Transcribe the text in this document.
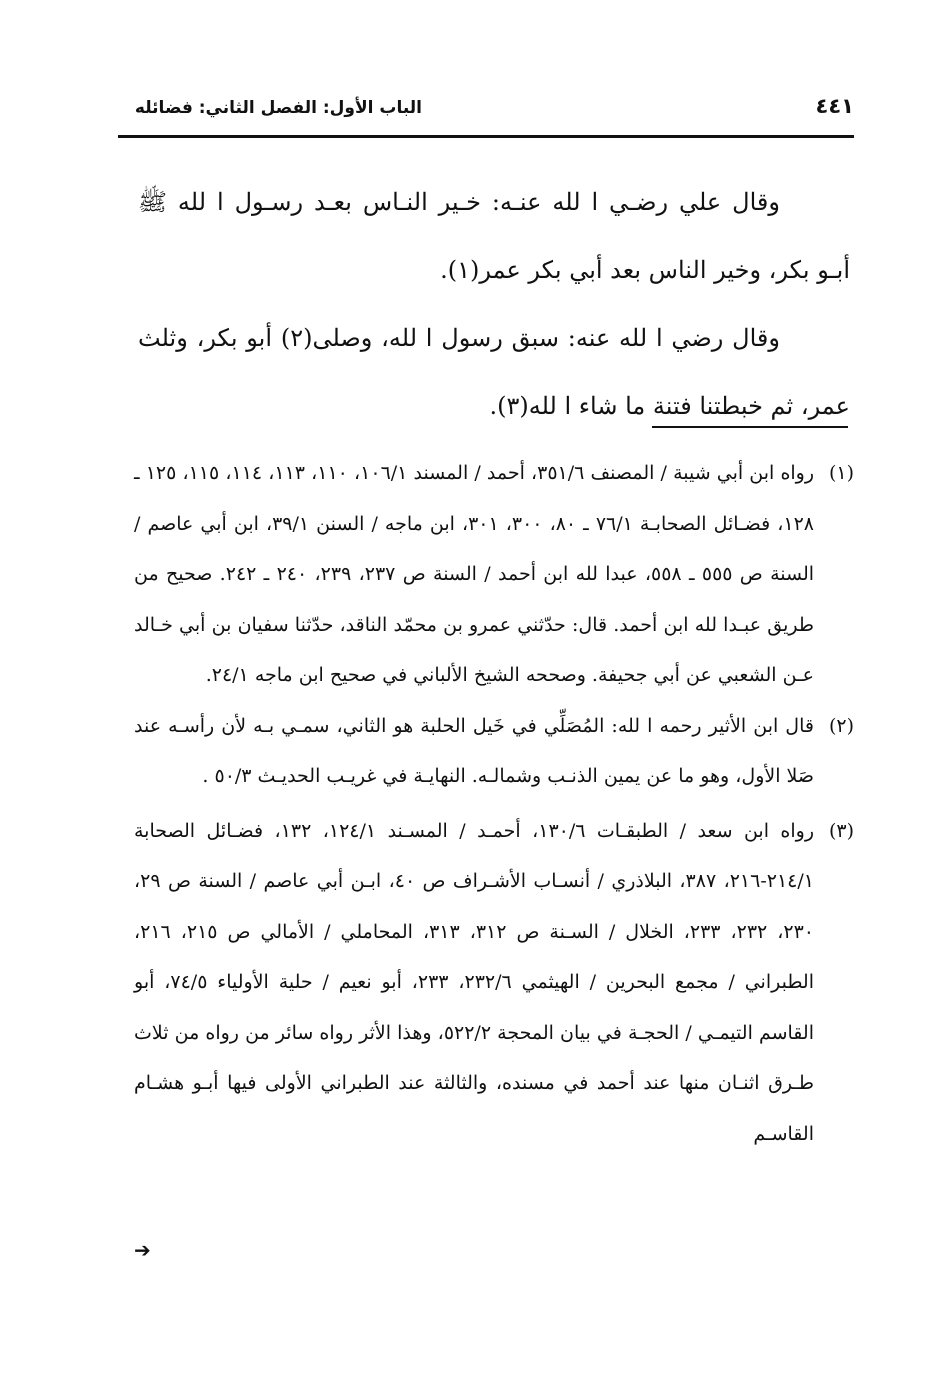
الباب الأول: الفصل الثاني: فضائله	٤٤١

وقال علي رضـي ا لله عنـه: خـير النـاس بعـد رسـول ا لله ﷺ أبـو بكر، وخير الناس بعد أبي بكر عمر(١).

وقال رضي ا لله عنه: سبق رسول ا لله، وصلى(٢) أبو بكر، وثلث عمر، ثم خبطتنا فتنة ما شاء ا لله(٣).

(١)
رواه ابن أبي شيبة / المصنف ٣٥١/٦، أحمد / المسند ١٠٦/١، ١١٠، ١١٣، ١١٤، ١١٥، ١٢٥ ـ ١٢٨، فضـائل الصحابـة ٧٦/١ ـ ٨٠، ٣٠٠، ٣٠١، ابن ماجه / السنن ٣٩/١، ابن أبي عاصم / السنة ص ٥٥٥ ـ ٥٥٨، عبدا لله ابن أحمد / السنة ص ٢٣٧، ٢٣٩، ٢٤٠ ـ ٢٤٢. صحيح من طريق عبـدا لله ابن أحمد. قال: حدّثني عمرو بن محمّد الناقد، حدّثنا سفيان بن أبي خـالد عـن الشعبي عن أبي جحيفة. وصححه الشيخ الألباني في صحيح ابن ماجه ٢٤/١.
(٢)
قال ابن الأثير رحمه ا لله: المُصَلِّي في خَيل الحلبة هو الثاني، سمـي بـه لأن رأسـه عند صَلا الأول، وهو ما عن يمين الذنـب وشمالـه. النهايـة في غريـب الحديـث ٥٠/٣ .
(٣)
رواه ابن سعد / الطبقـات ١٣٠/٦، أحمـد / المسـند ١٢٤/١، ١٣٢، فضـائل الصحابة ٢١٤/١-٢١٦، ٣٨٧، البلاذري / أنسـاب الأشـراف ص ٤٠، ابـن أبي عاصم / السنة ص ٢٩، ٢٣٠، ٢٣٢، ٢٣٣، الخلال / السـنة ص ٣١٢، ٣١٣، المحاملي / الأمالي ص ٢١٥، ٢١٦، الطبراني / مجمع البحرين / الهيثمي ٢٣٢/٦، ٢٣٣، أبو نعيم / حلية الأولياء ٧٤/٥، أبو القاسم التيمـي / الحجـة في بيان المحجة ٥٢٢/٢، وهذا الأثر رواه سائر من رواه من ثلاث طـرق اثنـان منها عند أحمد في مسنده، والثالثة عند الطبراني الأولى فيها أبـو هشـام القاسـم
➔
